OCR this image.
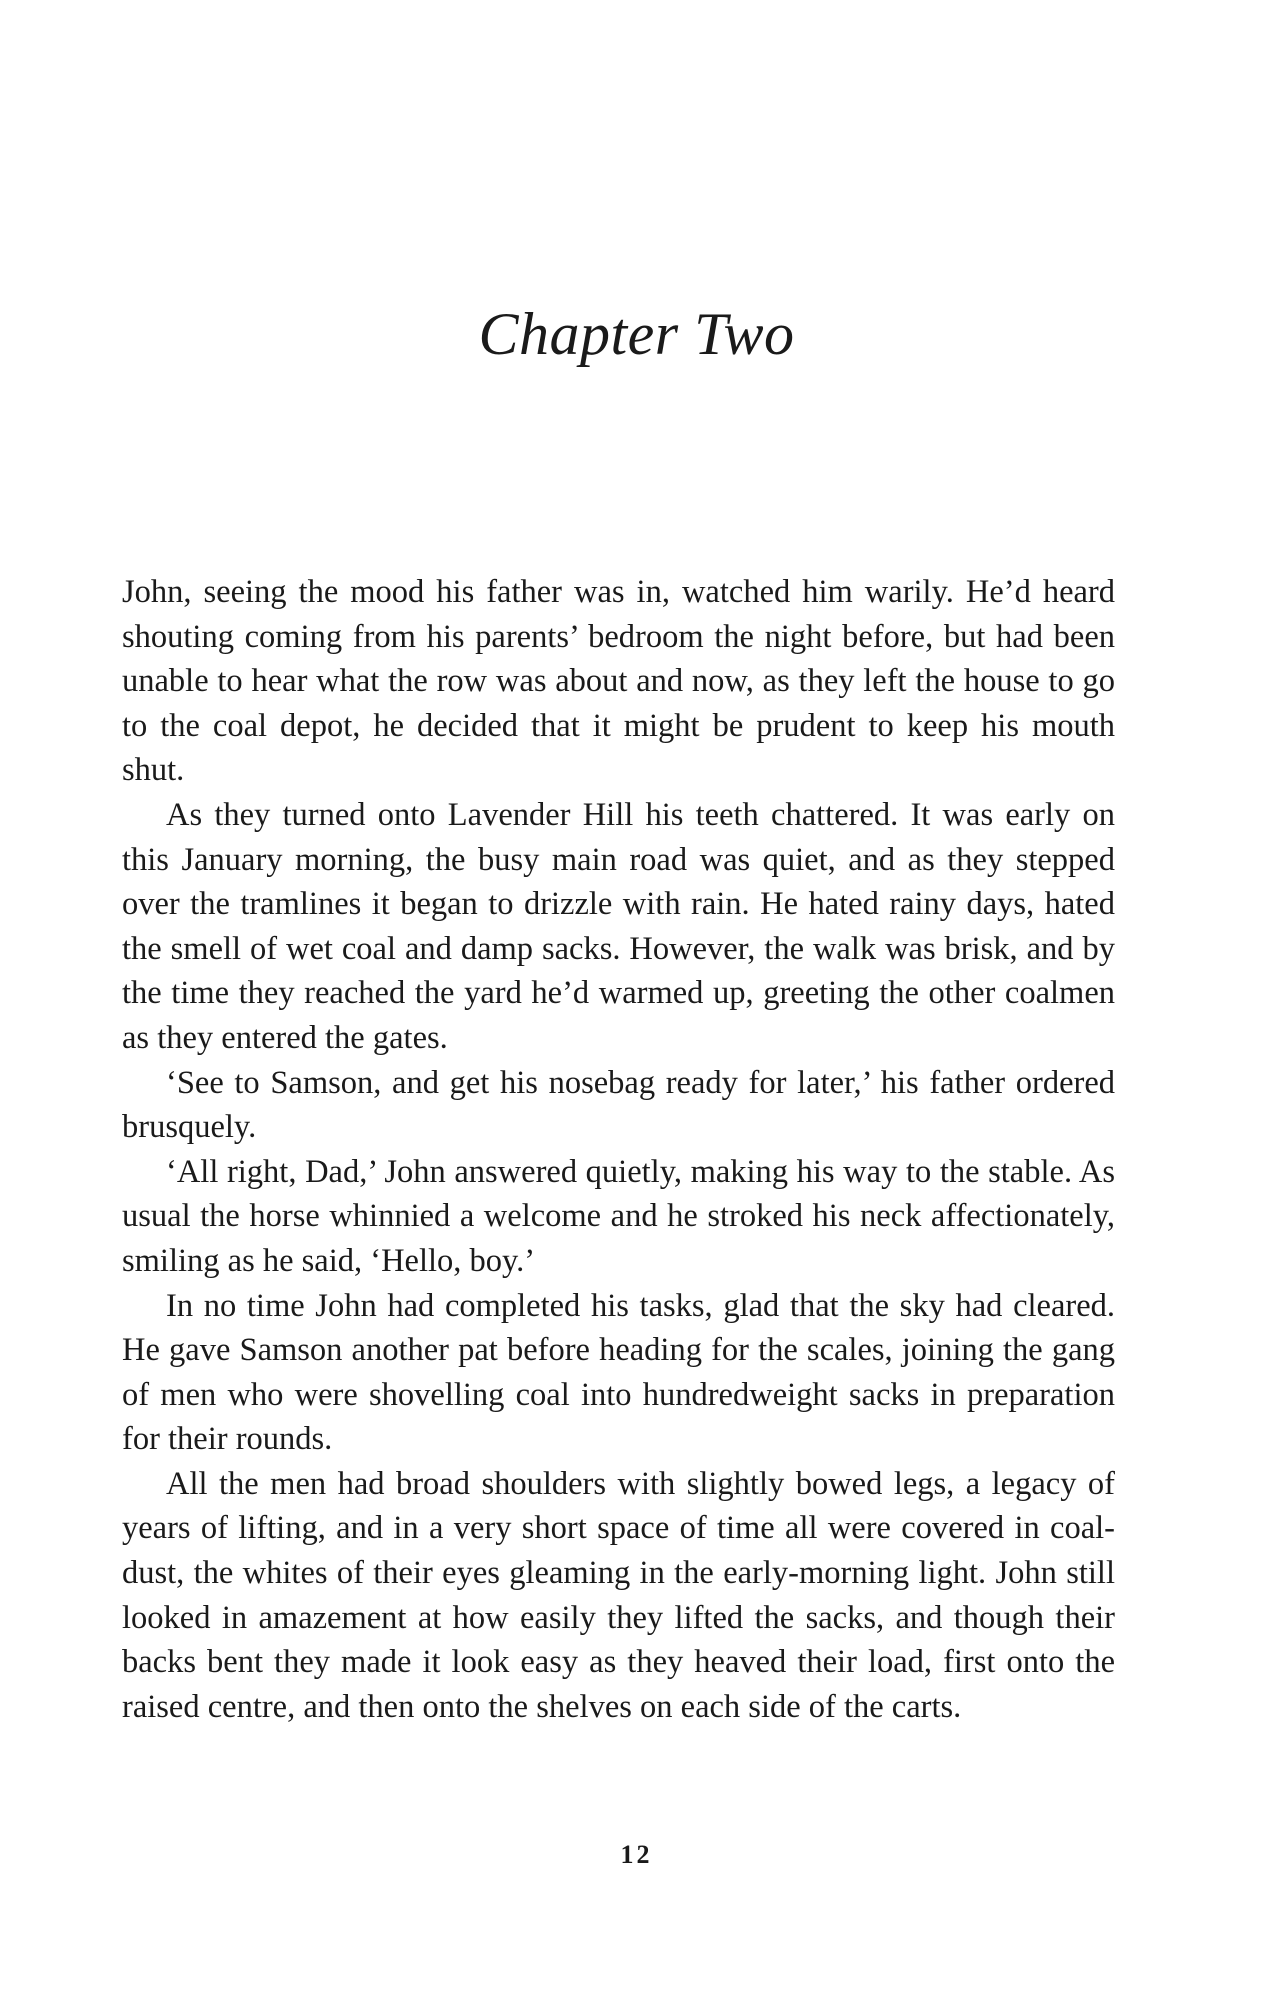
Chapter Two

John, seeing the mood his father was in, watched him warily. He’d heard shouting coming from his parents’ bedroom the night before, but had been unable to hear what the row was about and now, as they left the house to go to the coal depot, he decided that it might be prudent to keep his mouth shut.

As they turned onto Lavender Hill his teeth chattered. It was early on this January morning, the busy main road was quiet, and as they stepped over the tramlines it began to drizzle with rain. He hated rainy days, hated the smell of wet coal and damp sacks. However, the walk was brisk, and by the time they reached the yard he’d warmed up, greeting the other coalmen as they entered the gates.

‘See to Samson, and get his nosebag ready for later,’ his father ordered brusquely.

‘All right, Dad,’ John answered quietly, making his way to the stable. As usual the horse whinnied a welcome and he stroked his neck affectionately, smiling as he said, ‘Hello, boy.’

In no time John had completed his tasks, glad that the sky had cleared. He gave Samson another pat before heading for the scales, joining the gang of men who were shovelling coal into hundredweight sacks in preparation for their rounds.

All the men had broad shoulders with slightly bowed legs, a legacy of years of lifting, and in a very short space of time all were covered in coal-dust, the whites of their eyes gleaming in the early-morning light. John still looked in amazement at how easily they lifted the sacks, and though their backs bent they made it look easy as they heaved their load, first onto the raised centre, and then onto the shelves on each side of the carts.

12
